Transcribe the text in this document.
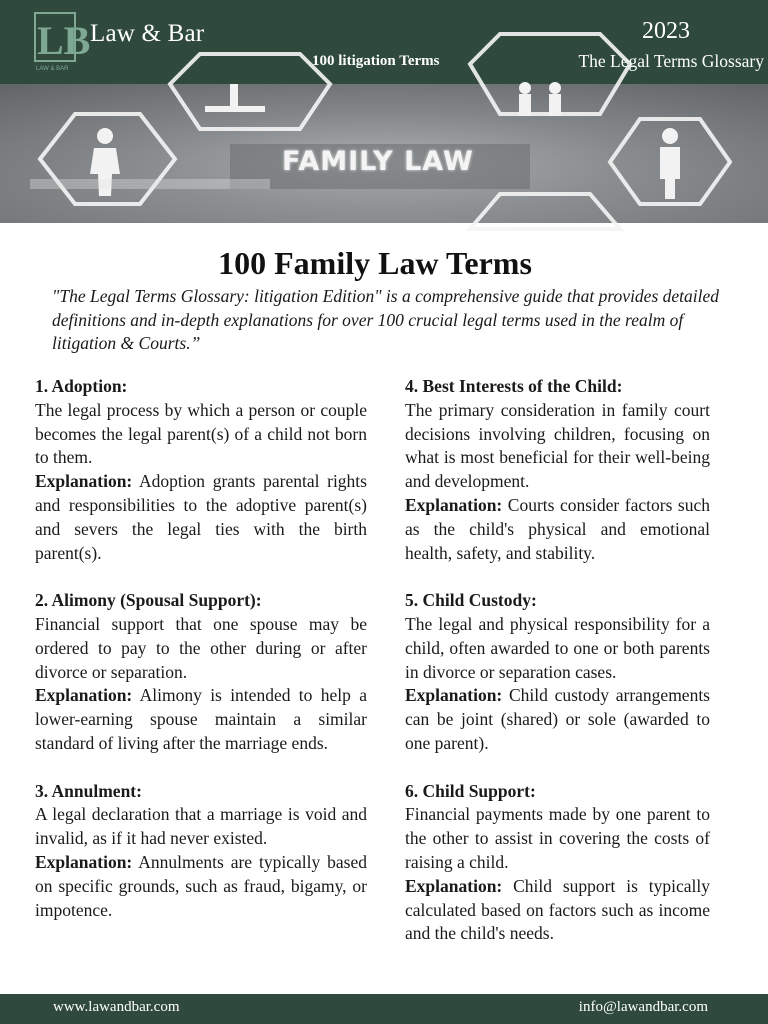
LB
LAW & BAR
Law & Bar
100 litigation Terms
2023
The Legal Terms Glossary
FAMILY LAW
100 Family Law Terms
"The Legal Terms Glossary: litigation Edition" is a comprehensive guide that provides detailed definitions and in-depth explanations for over 100 crucial legal terms used in the realm of litigation & Courts.”
1. Adoption:
The legal process by which a person or couple becomes the legal parent(s) of a child not born to them.
Explanation: Adoption grants parental rights and responsibilities to the adoptive parent(s) and severs the legal ties with the birth parent(s).
2. Alimony (Spousal Support):
Financial support that one spouse may be ordered to pay to the other during or after divorce or separation.
Explanation: Alimony is intended to help a lower-earning spouse maintain a similar standard of living after the marriage ends.
3. Annulment:
A legal declaration that a marriage is void and invalid, as if it had never existed.
Explanation: Annulments are typically based on specific grounds, such as fraud, bigamy, or impotence.
4. Best Interests of the Child:
The primary consideration in family court decisions involving children, focusing on what is most beneficial for their well-being and development.
Explanation: Courts consider factors such as the child's physical and emotional health, safety, and stability.
5. Child Custody:
The legal and physical responsibility for a child, often awarded to one or both parents in divorce or separation cases.
Explanation: Child custody arrangements can be joint (shared) or sole (awarded to one parent).
6. Child Support:
Financial payments made by one parent to the other to assist in covering the costs of raising a child.
Explanation: Child support is typically calculated based on factors such as income and the child's needs.
www.lawandbar.com	info@lawandbar.com
